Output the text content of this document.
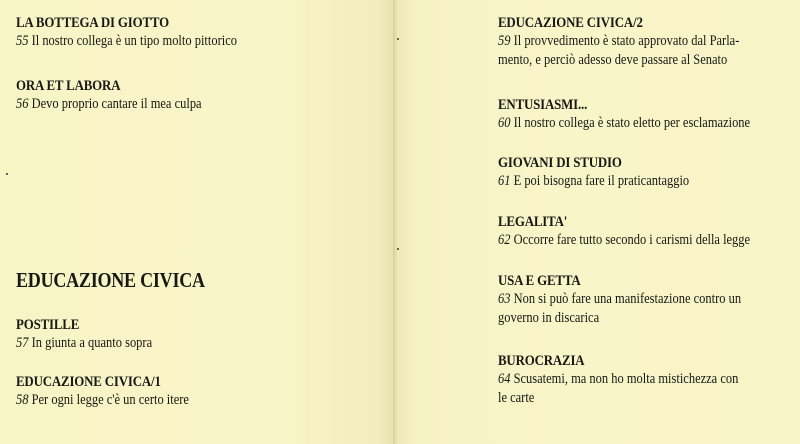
LA BOTTEGA DI GIOTTO
55 Il nostro collega è un tipo molto pittorico
ORA ET LABORA
56 Devo proprio cantare il mea culpa
EDUCAZIONE CIVICA
POSTILLE
57 In giunta a quanto sopra
EDUCAZIONE CIVICA/1
58 Per ogni legge c'è un certo itere
EDUCAZIONE CIVICA/2
59 Il provvedimento è stato approvato dal Parla-
mento, e perciò adesso deve passare al Senato
ENTUSIASMI...
60 Il nostro collega è stato eletto per esclamazione
GIOVANI DI STUDIO
61 E poi bisogna fare il praticantaggio
LEGALITA'
62 Occorre fare tutto secondo i carismi della legge
USA E GETTA
63 Non si può fare una manifestazione contro un
governo in discarica
BUROCRAZIA
64 Scusatemi, ma non ho molta mistichezza con
le carte
